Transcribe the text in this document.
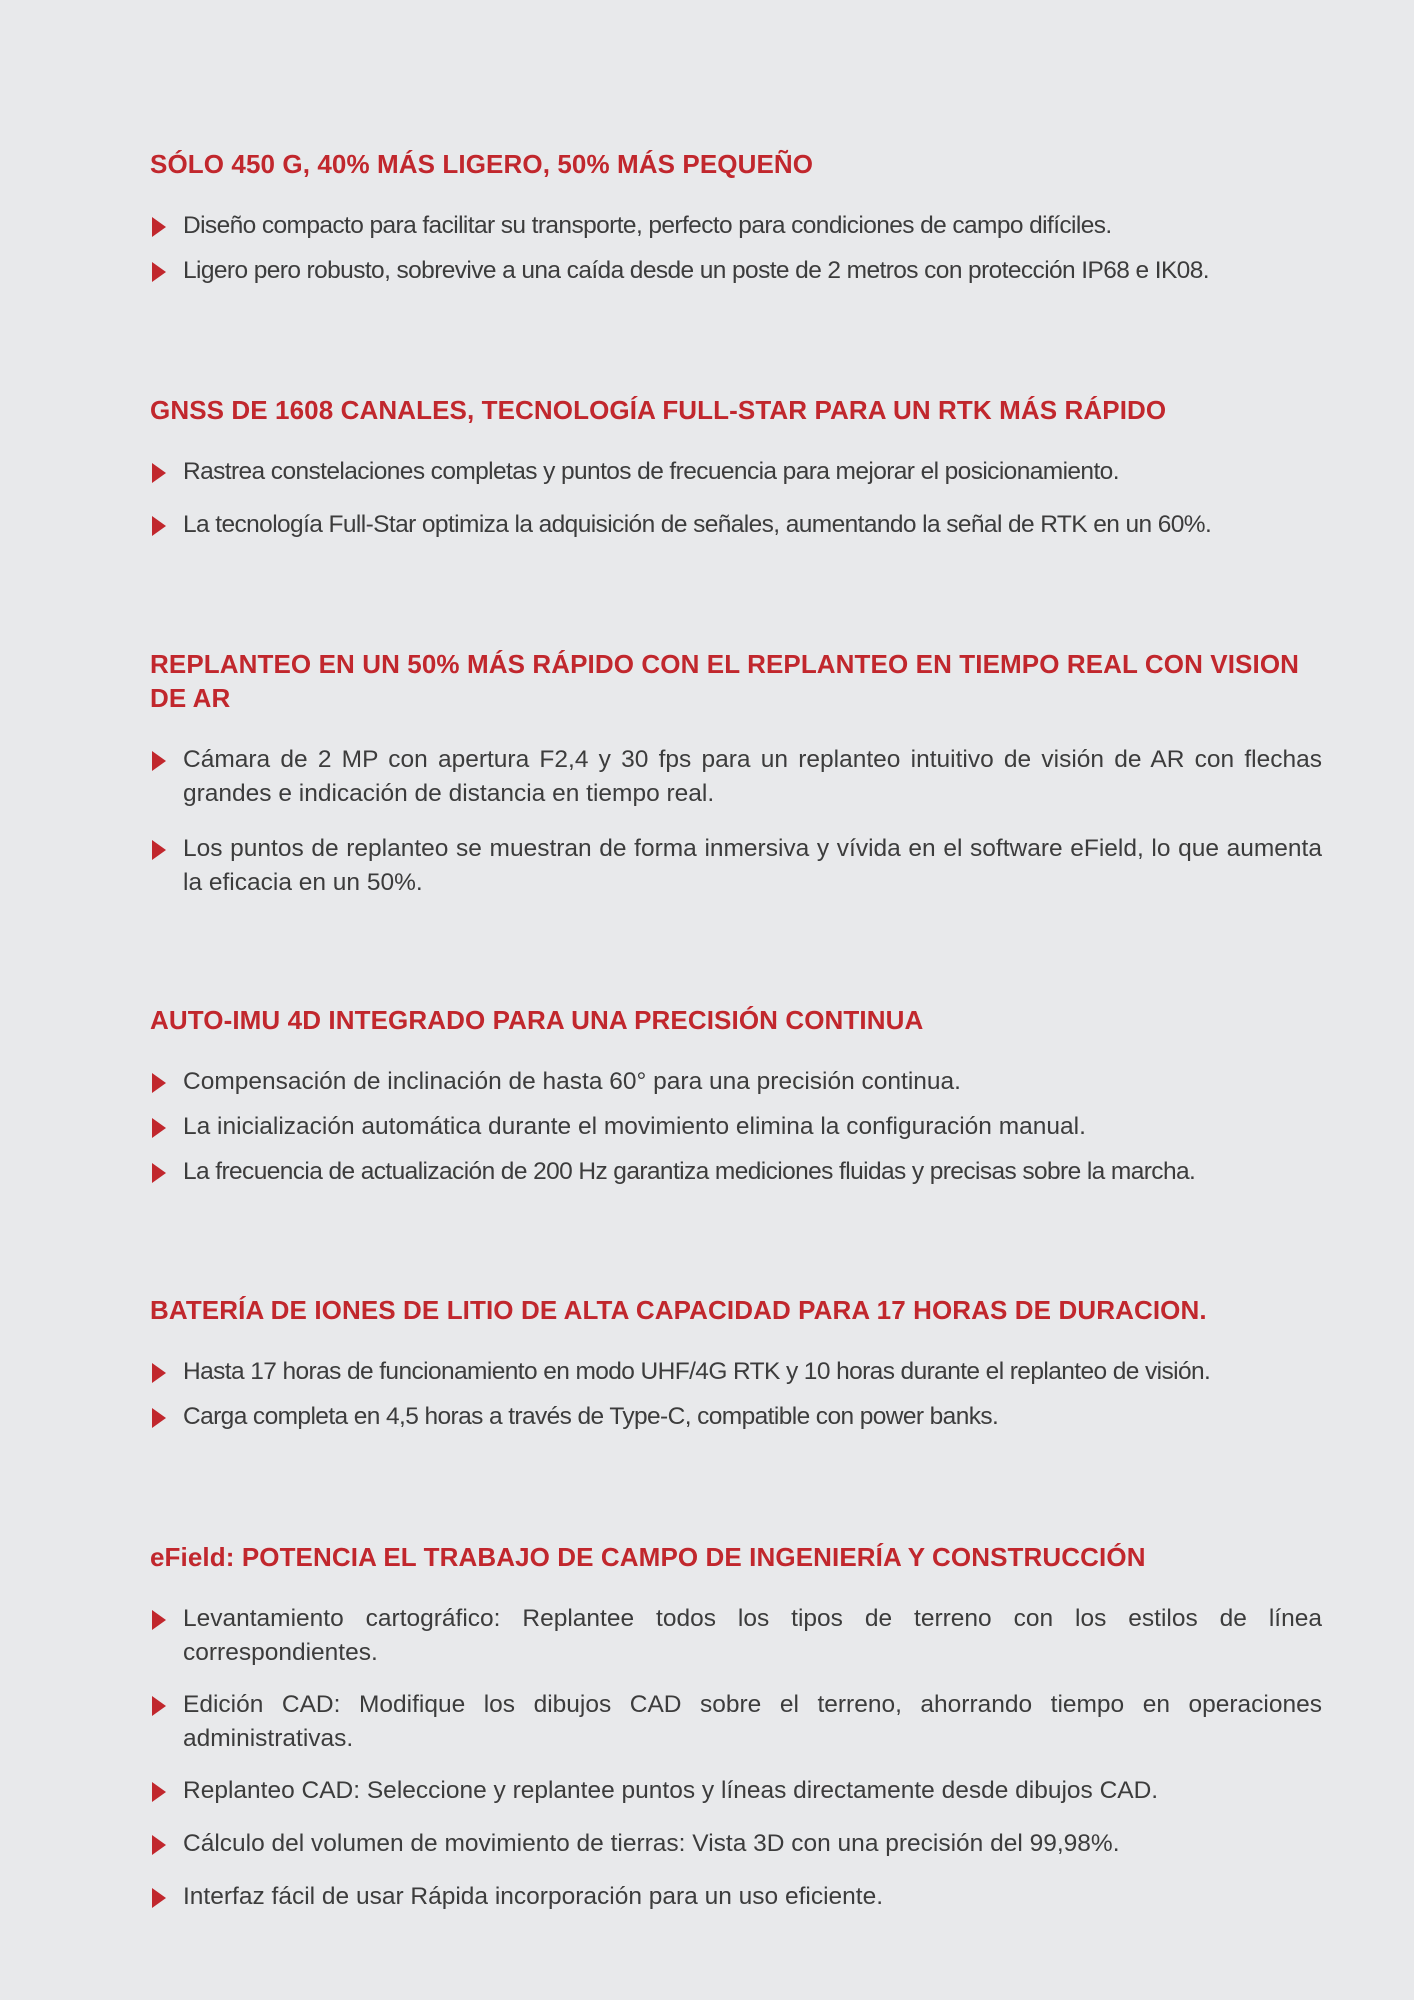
SÓLO 450 G, 40% MÁS LIGERO, 50% MÁS PEQUEÑO
Diseño compacto para facilitar su transporte, perfecto para condiciones de campo difíciles.
Ligero pero robusto, sobrevive a una caída desde un poste de 2 metros con protección IP68 e IK08.
GNSS DE 1608 CANALES, TECNOLOGÍA FULL-STAR PARA UN RTK MÁS RÁPIDO
Rastrea constelaciones completas y puntos de frecuencia para mejorar el posicionamiento.
La tecnología Full-Star optimiza la adquisición de señales, aumentando la señal de RTK en un 60%.
REPLANTEO EN UN 50% MÁS RÁPIDO CON EL REPLANTEO EN TIEMPO REAL CON VISION DE AR
Cámara de 2 MP con apertura F2,4 y 30 fps para un replanteo intuitivo de visión de AR con flechas grandes e indicación de distancia en tiempo real.
Los puntos de replanteo se muestran de forma inmersiva y vívida en el software eField, lo que aumenta la eficacia en un 50%.
AUTO-IMU 4D INTEGRADO PARA UNA PRECISIÓN CONTINUA
Compensación de inclinación de hasta 60° para una precisión continua.
La inicialización automática durante el movimiento elimina la configuración manual.
La frecuencia de actualización de 200 Hz garantiza mediciones fluidas y precisas sobre la marcha.
BATERÍA DE IONES DE LITIO DE ALTA CAPACIDAD PARA 17 HORAS DE DURACION.
Hasta 17 horas de funcionamiento en modo UHF/4G RTK y 10 horas durante el replanteo de visión.
Carga completa en 4,5 horas a través de Type-C, compatible con power banks.
eField: POTENCIA EL TRABAJO DE CAMPO DE INGENIERÍA Y CONSTRUCCIÓN
Levantamiento cartográfico: Replantee todos los tipos de terreno con los estilos de línea correspondientes.
Edición CAD: Modifique los dibujos CAD sobre el terreno, ahorrando tiempo en operaciones administrativas.
Replanteo CAD: Seleccione y replantee puntos y líneas directamente desde dibujos CAD.
Cálculo del volumen de movimiento de tierras: Vista 3D con una precisión del 99,98%.
Interfaz fácil de usar Rápida incorporación para un uso eficiente.
